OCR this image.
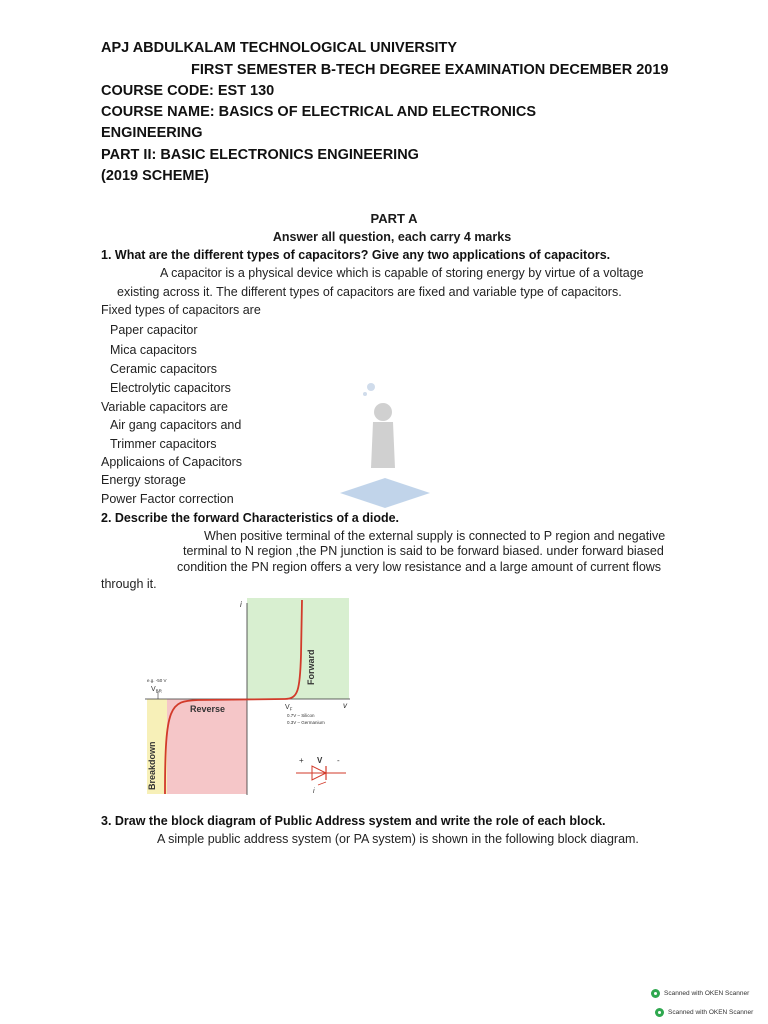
APJ ABDULKALAM TECHNOLOGICAL UNIVERSITY
FIRST SEMESTER B-TECH DEGREE EXAMINATION DECEMBER 2019
COURSE CODE: EST 130
COURSE NAME: BASICS OF ELECTRICAL AND ELECTRONICS
ENGINEERING
PART II: BASIC ELECTRONICS ENGINEERING
(2019 SCHEME)
PART A
Answer all question, each carry 4 marks
1. What are the different types of capacitors? Give any two applications of capacitors.
A capacitor is a physical device which is capable of storing energy by virtue of a voltage
existing across it. The different types of capacitors are fixed and variable type of capacitors.
Fixed types of capacitors are
Paper capacitor
Mica capacitors
Ceramic capacitors
Electrolytic capacitors
Variable capacitors are
Air gang capacitors and
Trimmer capacitors
Applicaions of Capacitors
Energy storage
Power Factor correction
2. Describe the forward Characteristics of a diode.
When positive terminal of the external supply is connected to P region and negative
terminal to N region ,the PN junction is said to be forward biased. under forward biased
condition the PN region offers a very low resistance and a large amount of current flows
through it.
i
v
e.g. -50 V
$V_{BR}$
$V_F$
0.7V – Silicon
0.3V – Germanium
Forward
Reverse
Breakdown	+ V -
i
3. Draw the block diagram of Public Address system and write the role of each block.
A simple public address system (or PA system) is shown in the following block diagram.
Scanned with OKEN Scanner
Scanned with OKEN Scanner
